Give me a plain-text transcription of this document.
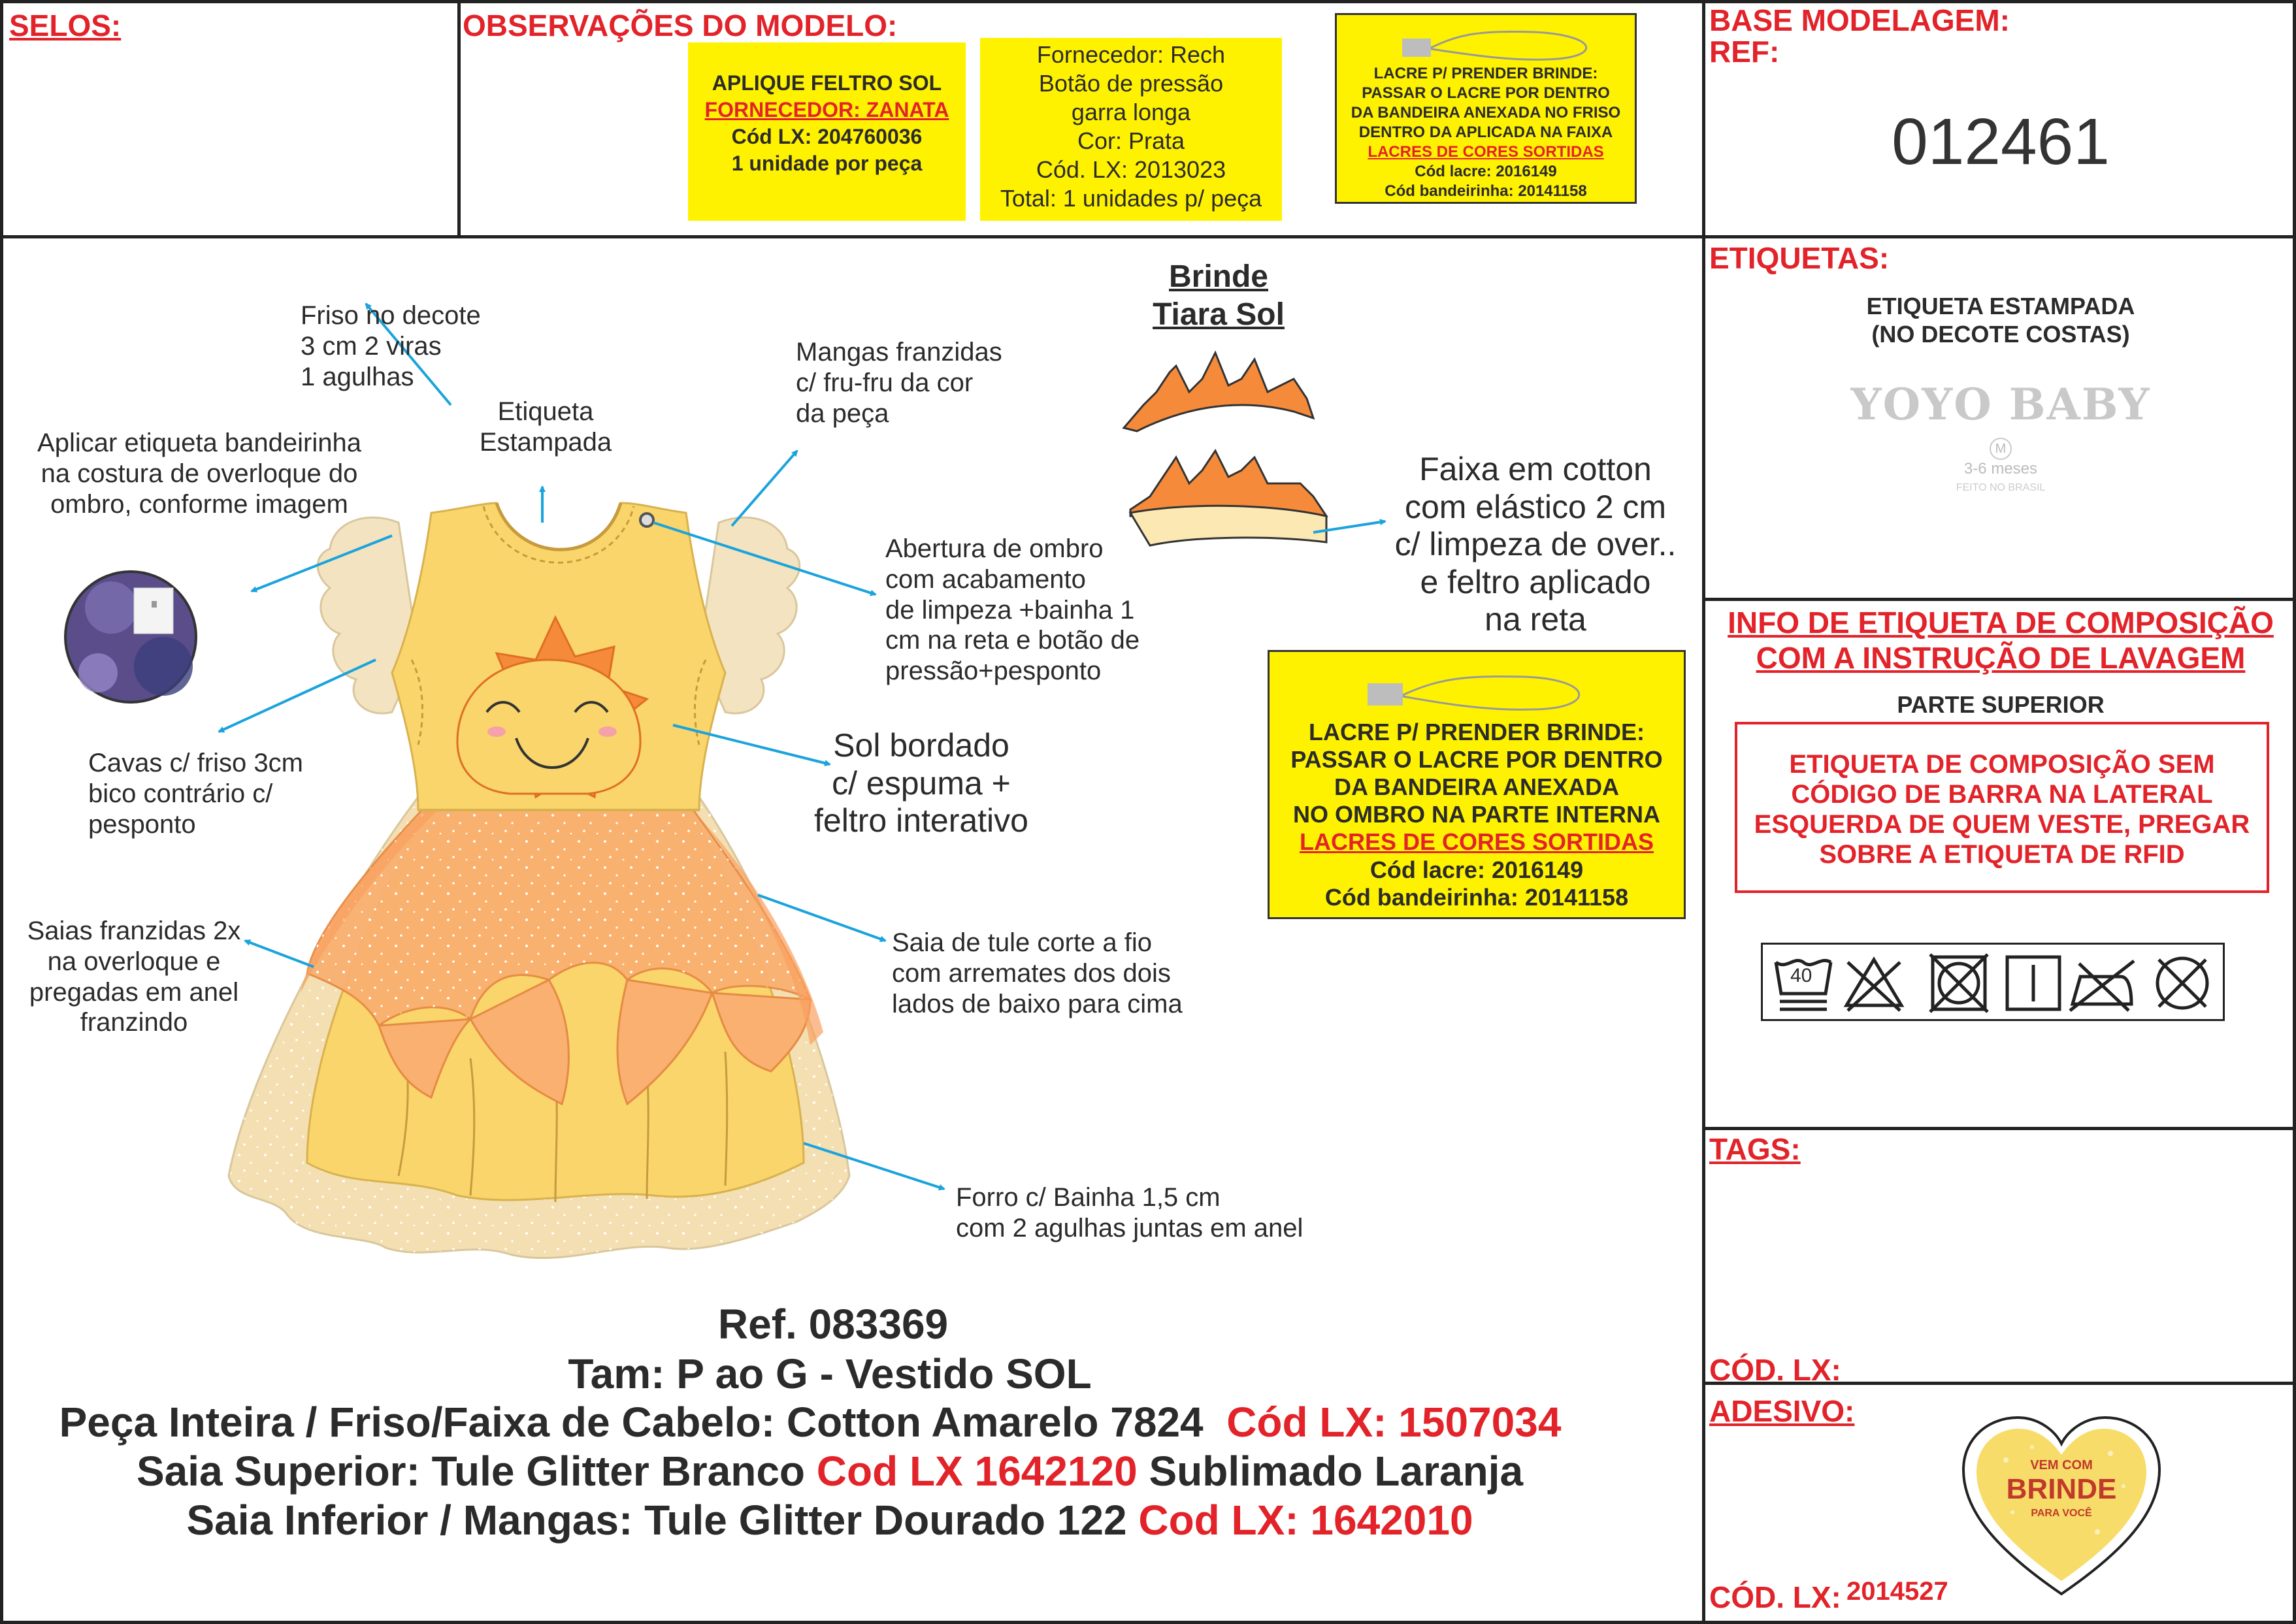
SELOS:	OBSERVAÇÕES DO MODELO:	BASE MODELAGEM:
REF:
012461
APLIQUE FELTRO SOL
FORNECEDOR: ZANATA
Cód LX: 204760036
1 unidade por peça
Fornecedor: Rech
Botão de pressão
garra longa
Cor: Prata
Cód. LX: 2013023
Total: 1 unidades p/ peça
LACRE P/ PRENDER BRINDE:
PASSAR O LACRE POR DENTRO
DA BANDEIRA ANEXADA NO FRISO
DENTRO DA APLICADA NA FAIXA
LACRES DE CORES SORTIDAS
Cód lacre: 2016149
Cód bandeirinha: 20141158
Friso no decote
3 cm 2 viras
1 agulhas
Etiqueta
Estampada
Mangas franzidas
c/ fru-fru da cor
da peça
Aplicar etiqueta bandeirinha
na costura de overloque do
ombro, conforme imagem
Abertura de ombro
com acabamento
de limpeza +bainha 1
cm na reta e botão de
pressão+pesponto
Cavas c/ friso 3cm
bico contrário c/
pesponto
Sol bordado
c/ espuma +
feltro interativo
Saias franzidas 2x
na overloque e
pregadas em anel
franzindo
Saia de tule corte a fio
com arremates dos dois
lados de baixo para cima
Forro c/ Bainha 1,5 cm
com 2 agulhas juntas em anel
Faixa em cotton
com elástico 2 cm
c/ limpeza de over..
e feltro aplicado
na reta
Brinde
Tiara Sol
LACRE P/ PRENDER BRINDE:
PASSAR O LACRE POR DENTRO
DA BANDEIRA ANEXADA
NO OMBRO NA PARTE INTERNA
LACRES DE CORES SORTIDAS
Cód lacre: 2016149
Cód bandeirinha: 20141158
Ref. 083369
Tam: P ao G - Vestido SOL
Peça Inteira / Friso/Faixa de Cabelo: Cotton Amarelo 7824 Cód LX: 1507034
Saia Superior: Tule Glitter Branco Cod LX 1642120 Sublimado Laranja
Saia Inferior / Mangas: Tule Glitter Dourado 122 Cod LX: 1642010
ETIQUETAS:
ETIQUETA ESTAMPADA
(NO DECOTE COSTAS)
YOYO BABY
M
3-6 meses
FEITO NO BRASIL
INFO DE ETIQUETA DE COMPOSIÇÃO
COM A INSTRUÇÃO DE LAVAGEM
PARTE SUPERIOR
ETIQUETA DE COMPOSIÇÃO SEM
CÓDIGO DE BARRA NA LATERAL
ESQUERDA DE QUEM VESTE, PREGAR
SOBRE A ETIQUETA DE RFID
40
TAGS:
CÓD. LX:
ADESIVO:
VEM COM
BRINDE
PARA VOCÊ
CÓD. LX: 2014527
